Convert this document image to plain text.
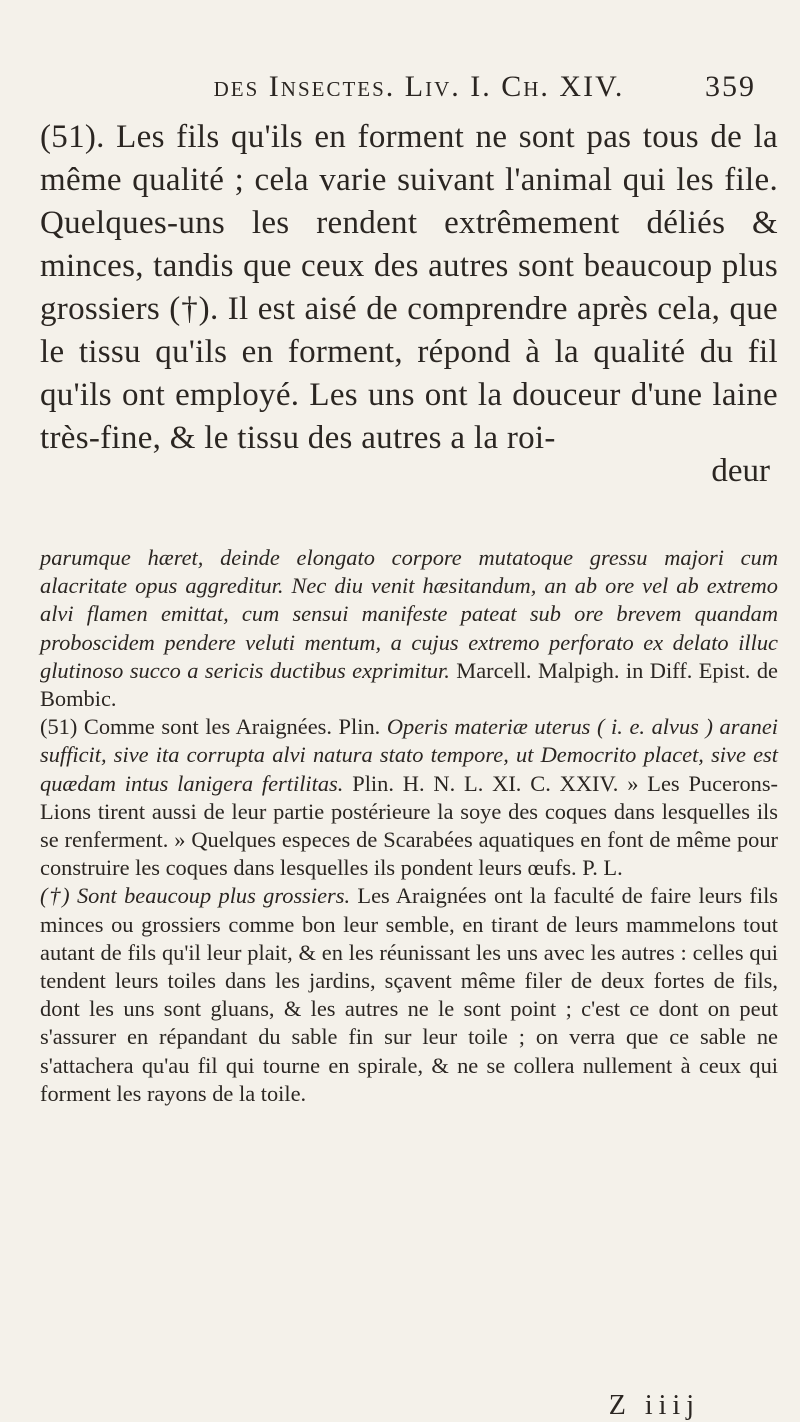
des Insectes. Liv. I. Ch. XIV.	359
(51). Les fils qu'ils en forment ne sont pas tous de la même qualité ; cela varie suivant l'animal qui les file. Quelques-uns les rendent extrêmement déliés & minces, tandis que ceux des autres sont beaucoup plus grossiers (†). Il est aisé de comprendre après cela, que le tissu qu'ils en forment, répond à la qualité du fil qu'ils ont employé. Les uns ont la douceur d'une laine très-fine, & le tissu des autres a la roi-
deur

parumque hæret, deinde elongato corpore mutatoque gressu majori cum alacritate opus aggreditur. Nec diu venit hæsitandum, an ab ore vel ab extremo alvi flamen emittat, cum sensui manifeste pateat sub ore brevem quandam proboscidem pendere veluti mentum, a cujus extremo perforato ex delato illuc glutinoso succo a sericis ductibus exprimitur. Marcell. Malpigh. in Diff. Epist. de Bombic.

(51) Comme sont les Araignées. Plin. Operis materiæ uterus ( i. e. alvus ) aranei sufficit, sive ita corrupta alvi natura stato tempore, ut Democrito placet, sive est quædam intus lanigera fertilitas. Plin. H. N. L. XI. C. XXIV. » Les Pucerons-Lions tirent aussi de leur partie postérieure la soye des coques dans lesquelles ils se renferment. » Quelques especes de Scarabées aquatiques en font de même pour construire les coques dans lesquelles ils pondent leurs œufs. P. L.

(†) Sont beaucoup plus grossiers. Les Araignées ont la faculté de faire leurs fils minces ou grossiers comme bon leur semble, en tirant de leurs mammelons tout autant de fils qu'il leur plait, & en les réunissant les uns avec les autres : celles qui tendent leurs toiles dans les jardins, sçavent même filer de deux fortes de fils, dont les uns sont gluans, & les autres ne le sont point ; c'est ce dont on peut s'assurer en répandant du sable fin sur leur toile ; on verra que ce sable ne s'attachera qu'au fil qui tourne en spirale, & ne se collera nullement à ceux qui forment les rayons de la toile.

Z iiij
